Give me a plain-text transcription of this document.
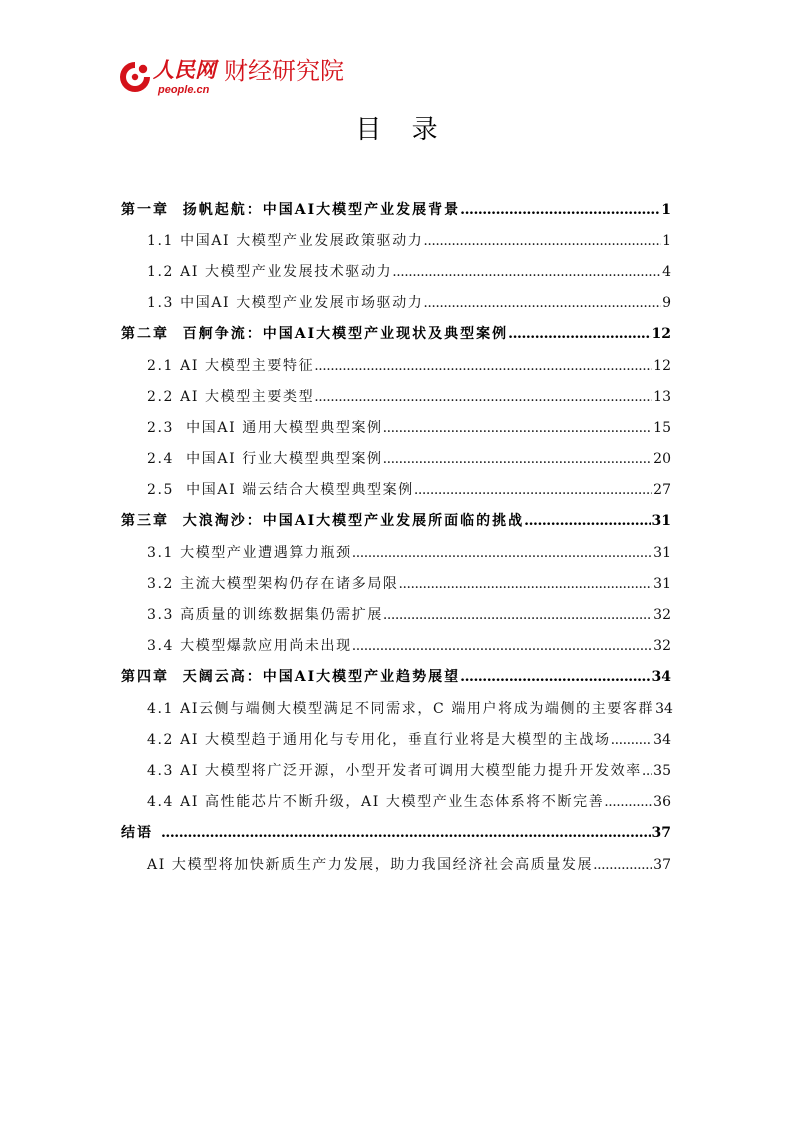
人民网
people.cn
财经研究院
目 录
第一章  扬帆起航：中国AI大模型产业发展背景 .....	1
1.1 中国AI 大模型产业发展政策驱动力 .....	1
1.2 AI 大模型产业发展技术驱动力 .....	4
1.3 中国AI 大模型产业发展市场驱动力 .....	9
第二章  百舸争流：中国AI大模型产业现状及典型案例 .....	12
2.1 AI 大模型主要特征 .....	12
2.2 AI 大模型主要类型 .....	13
2.3  中国AI 通用大模型典型案例 .....	15
2.4  中国AI 行业大模型典型案例 .....	20
2.5  中国AI 端云结合大模型典型案例 .....	27
第三章  大浪淘沙：中国AI大模型产业发展所面临的挑战 .....	31
3.1 大模型产业遭遇算力瓶颈 .....	31
3.2 主流大模型架构仍存在诸多局限 .....	31
3.3 高质量的训练数据集仍需扩展 .....	32
3.4 大模型爆款应用尚未出现 .....	32
第四章  天阔云高：中国AI大模型产业趋势展望 .....	34
4.1 AI云侧与端侧大模型满足不同需求，C 端用户将成为端侧的主要客群 34
4.2 AI 大模型趋于通用化与专用化，垂直行业将是大模型的主战场 .....	34
4.3 AI 大模型将广泛开源，小型开发者可调用大模型能力提升开发效率 ..... 35
4.4 AI 高性能芯片不断升级，AI 大模型产业生态体系将不断完善 .....	36
结语 .....	37
AI 大模型将加快新质生产力发展，助力我国经济社会高质量发展 .....	37
